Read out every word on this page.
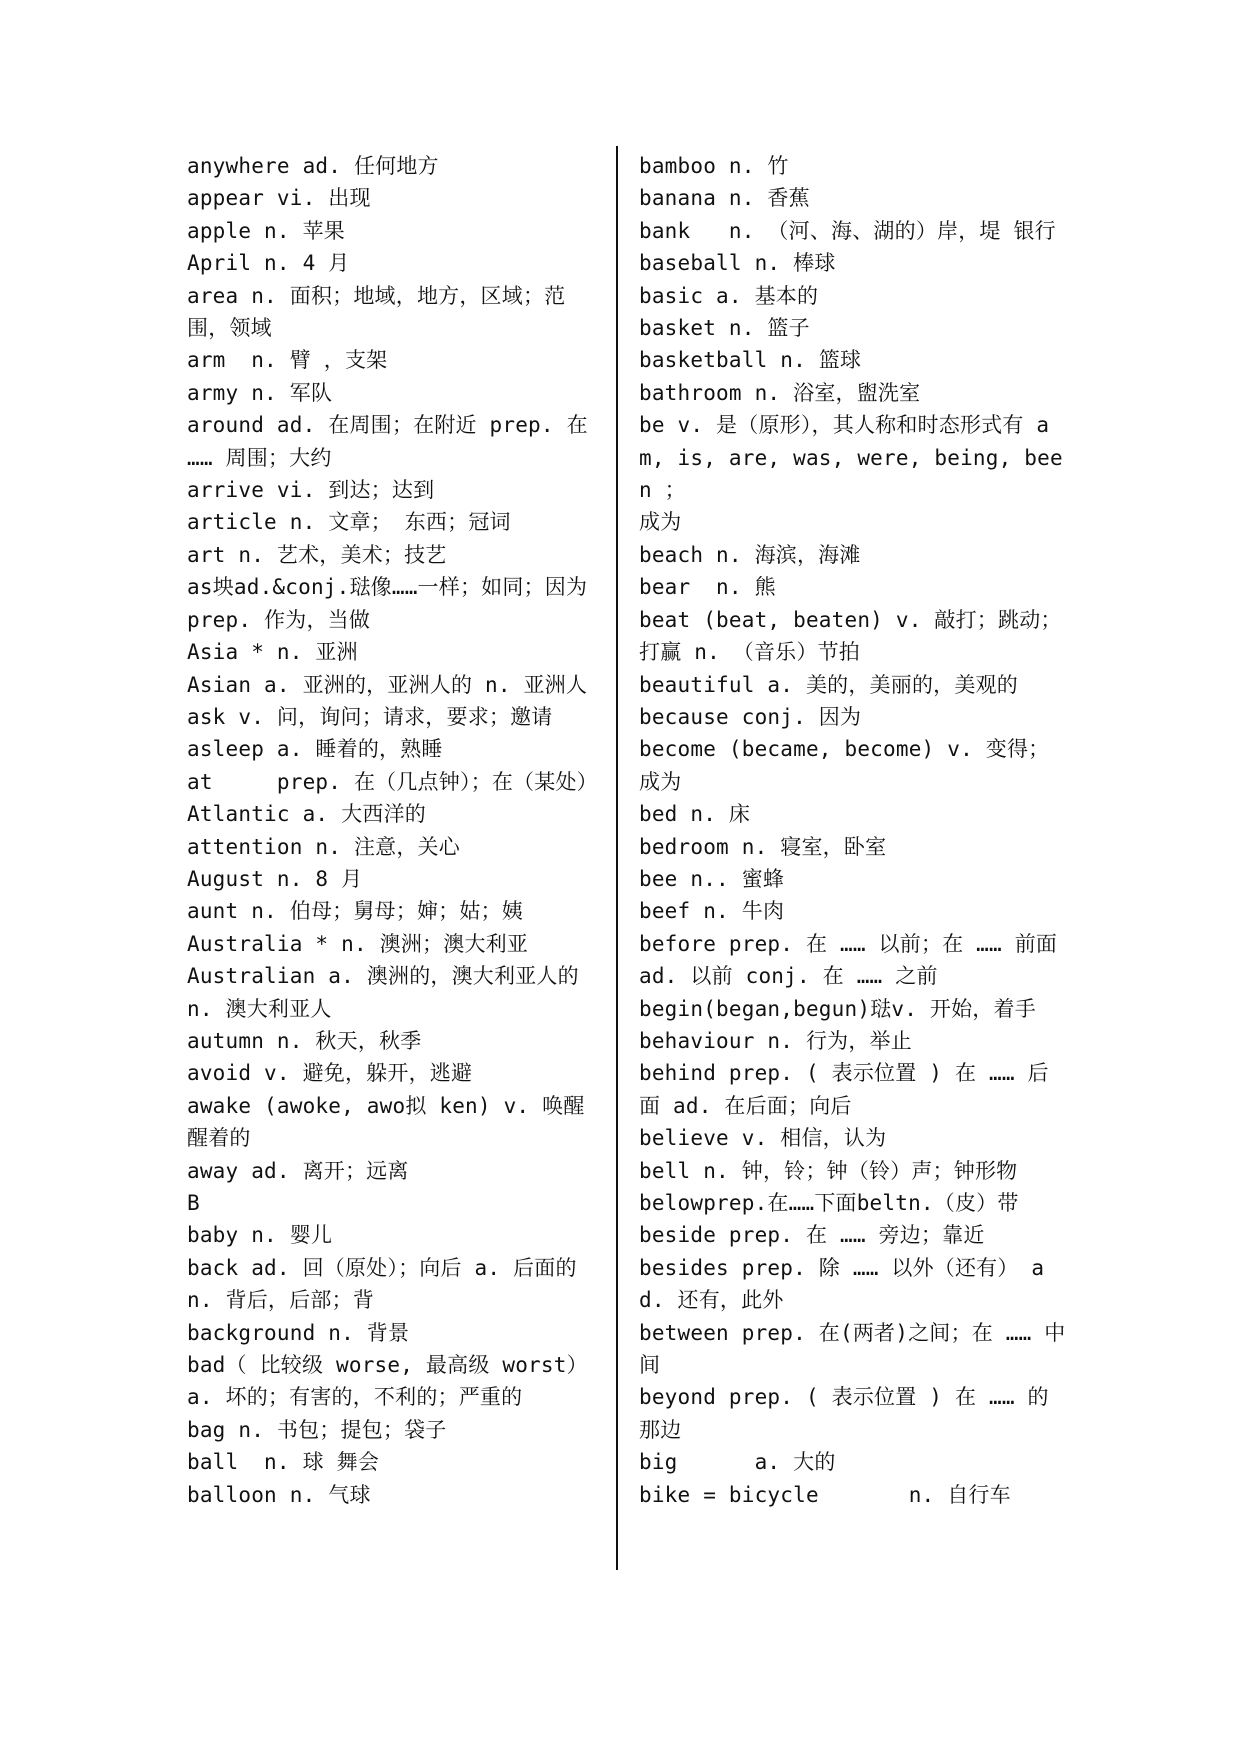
anywhere ad. 任何地方

appear vi. 出现

apple n. 苹果

April n. 4 月

area n. 面积；地域，地方，区域；范围，领域

arm  n. 臂 ，支架

army n. 军队

around ad. 在周围；在附近 prep. 在 …… 周围；大约

arrive vi. 到达；达到

article n. 文章； 东西；冠词

art n. 艺术，美术；技艺

as坱ad.&conj.琺像……一样；如同；因为 prep. 作为，当做

Asia * n. 亚洲

Asian a. 亚洲的，亚洲人的 n. 亚洲人

ask v. 问，询问；请求，要求；邀请

asleep a. 睡着的，熟睡

at     prep. 在（几点钟）；在（某处）

Atlantic a. 大西洋的

attention n. 注意，关心

August n. 8 月

aunt n. 伯母；舅母；婶；姑；姨

Australia * n. 澳洲；澳大利亚

Australian a. 澳洲的，澳大利亚人的 n. 澳大利亚人

autumn n. 秋天，秋季

avoid v. 避免，躲开，逃避

awake (awoke, awo拟 ken) v. 唤醒 醒着的

away ad. 离开；远离

B

baby n. 婴儿

back ad. 回（原处）；向后 a. 后面的 n. 背后，后部；背

background n. 背景

bad（ 比较级 worse, 最高级 worst） a. 坏的；有害的，不利的；严重的

bag n. 书包；提包；袋子

ball  n. 球 舞会

balloon n. 气球

bamboo n. 竹

banana n. 香蕉

bank   n. （河、海、湖的）岸，堤 银行

baseball n. 棒球

basic a. 基本的

basket n. 篮子

basketball n. 篮球

bathroom n. 浴室，盥洗室

be v. 是（原形），其人称和时态形式有 am, is, are, was, were, being, been ；

成为

beach n. 海滨，海滩

bear  n. 熊

beat (beat, beaten) v. 敲打；跳动；打赢 n. （音乐）节拍

beautiful a. 美的，美丽的，美观的

because conj. 因为

become (became, become) v. 变得；成为

bed n. 床

bedroom n. 寝室，卧室

bee n.. 蜜蜂

beef n. 牛肉

before prep. 在 …… 以前；在 …… 前面 ad. 以前 conj. 在 …… 之前

begin(began,begun)琺v. 开始，着手

behaviour n. 行为，举止

behind prep. ( 表示位置 ) 在 …… 后面 ad. 在后面；向后

believe v. 相信，认为

bell n. 钟，铃；钟（铃）声；钟形物

belowprep.在……下面beltn.（皮）带

beside prep. 在 …… 旁边；靠近

besides prep. 除 …… 以外（还有） ad. 还有，此外

between prep. 在(两者)之间；在 …… 中间

beyond prep. ( 表示位置 ) 在 …… 的那边

big      a. 大的

bike = bicycle       n. 自行车
